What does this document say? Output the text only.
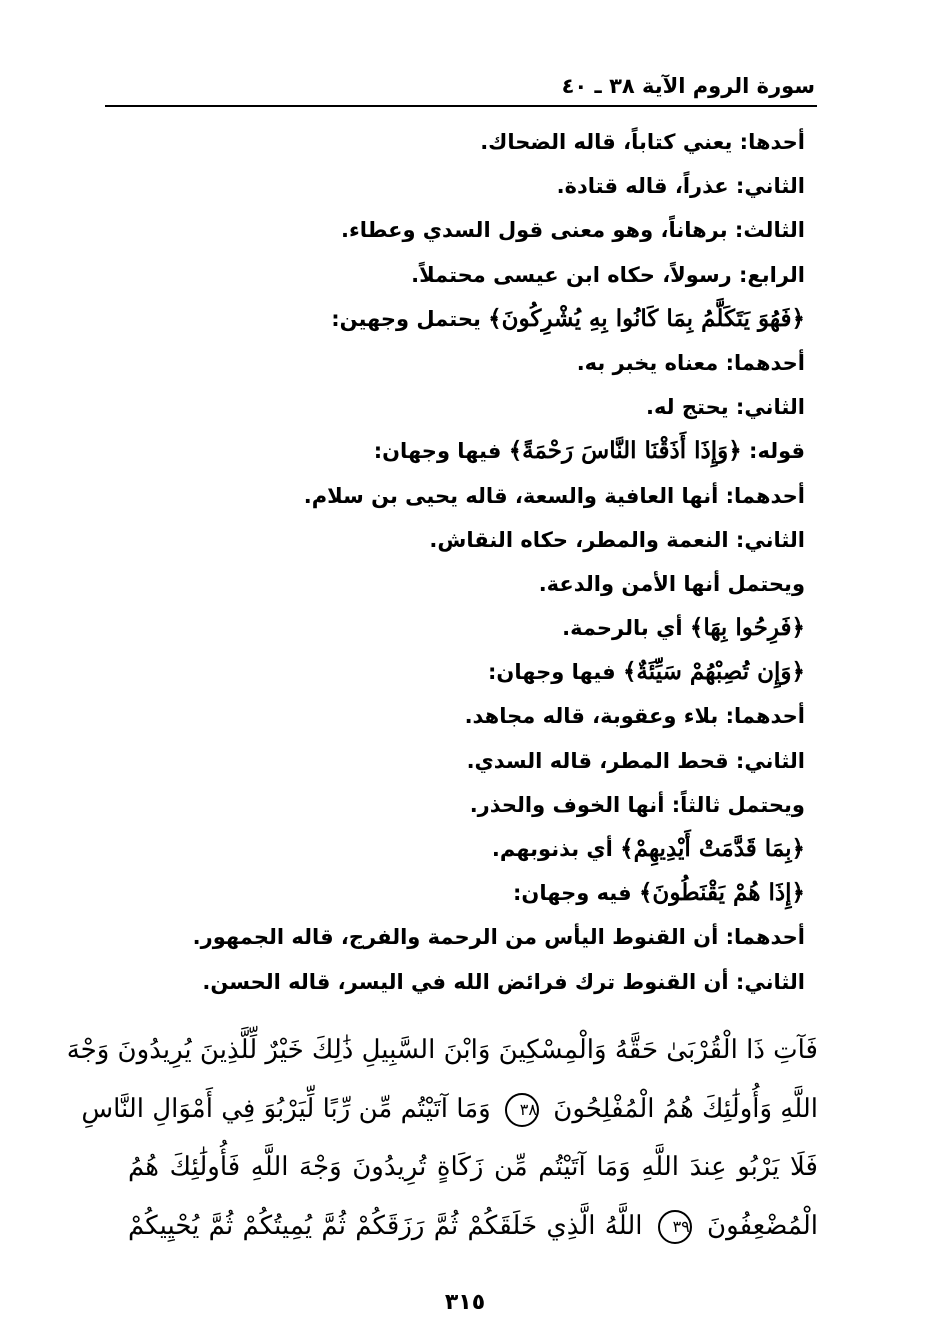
سورة الروم الآية ٣٨ ـ ٤٠
أحدها: يعني كتاباً، قاله الضحاك.
الثاني: عذراً، قاله قتادة.
الثالث: برهاناً، وهو معنى قول السدي وعطاء.
الرابع: رسولاً، حكاه ابن عيسى محتملاً.
﴿فَهُوَ يَتَكَلَّمُ بِمَا كَانُوا بِهِ يُشْرِكُونَ﴾ يحتمل وجهين:
أحدهما: معناه يخبر به.
الثاني: يحتج له.
قوله: ﴿وَإِذَا أَذَقْنَا النَّاسَ رَحْمَةً﴾ فيها وجهان:
أحدهما: أنها العافية والسعة، قاله يحيى بن سلام.
الثاني: النعمة والمطر، حكاه النقاش.
ويحتمل أنها الأمن والدعة.
﴿فَرِحُوا بِهَا﴾ أي بالرحمة.
﴿وَإِن تُصِبْهُمْ سَيِّئَةٌ﴾ فيها وجهان:
أحدهما: بلاء وعقوبة، قاله مجاهد.
الثاني: قحط المطر، قاله السدي.
ويحتمل ثالثاً: أنها الخوف والحذر.
﴿بِمَا قَدَّمَتْ أَيْدِيهِمْ﴾ أي بذنوبهم.
﴿إِذَا هُمْ يَقْنَطُونَ﴾ فيه وجهان:
أحدهما: أن القنوط اليأس من الرحمة والفرج، قاله الجمهور.
الثاني: أن القنوط ترك فرائض الله في اليسر، قاله الحسن.
فَآتِ ذَا الْقُرْبَىٰ حَقَّهُ وَالْمِسْكِينَ وَابْنَ السَّبِيلِ ذَٰلِكَ خَيْرٌ لِّلَّذِينَ يُرِيدُونَ وَجْهَ
اللَّهِ وَأُولَٰئِكَ هُمُ الْمُفْلِحُونَ ٣٨ وَمَا آتَيْتُم مِّن رِّبًا لِّيَرْبُوَ فِي أَمْوَالِ النَّاسِ
فَلَا يَرْبُو عِندَ اللَّهِ وَمَا آتَيْتُم مِّن زَكَاةٍ تُرِيدُونَ وَجْهَ اللَّهِ فَأُولَٰئِكَ هُمُ
الْمُضْعِفُونَ ٣٩ اللَّهُ الَّذِي خَلَقَكُمْ ثُمَّ رَزَقَكُمْ ثُمَّ يُمِيتُكُمْ ثُمَّ يُحْيِيكُمْ
٣١٥
